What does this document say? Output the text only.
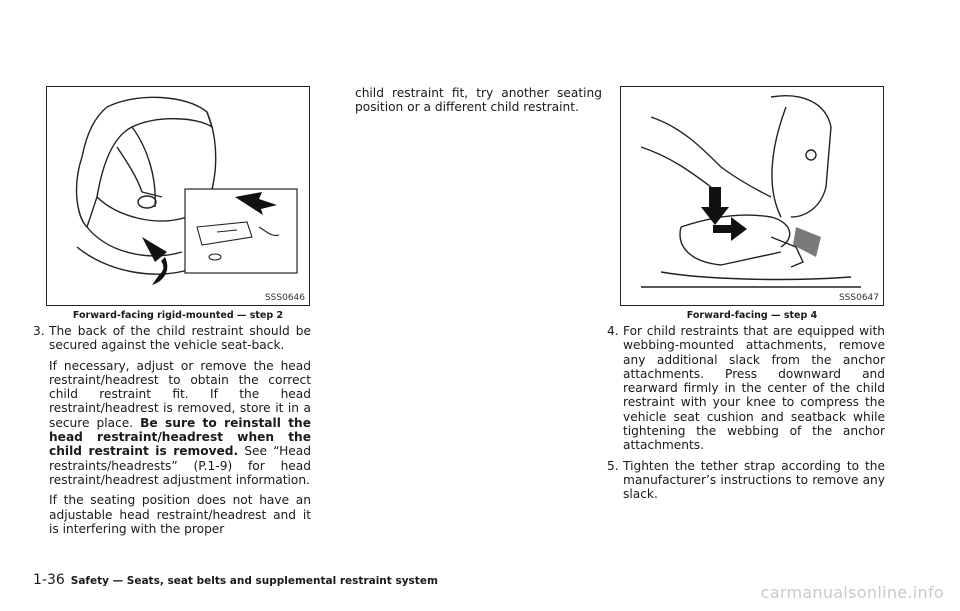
SSS0646
Forward-facing rigid-mounted — step 2
SSS0647
Forward-facing — step 4
3. The back of the child restraint should be secured against the vehicle seat-back.

If necessary, adjust or remove the head restraint/headrest to obtain the correct child restraint fit. If the head restraint/headrest is removed, store it in a secure place. Be sure to reinstall the head restraint/headrest when the child restraint is removed. See “Head restraints/headrests” (P.1-9) for head restraint/headrest adjustment information.

If the seating position does not have an adjustable head restraint/headrest and it is interfering with the proper

child restraint fit, try another seating position or a different child restraint.

4. For child restraints that are equipped with webbing-mounted attachments, remove any additional slack from the anchor attachments. Press downward and rearward firmly in the center of the child restraint with your knee to compress the vehicle seat cushion and seatback while tightening the webbing of the anchor attachments.

5. Tighten the tether strap according to the manufacturer’s instructions to remove any slack.

1-36 Safety — Seats, seat belts and supplemental restraint system
carmanualsonline.info
